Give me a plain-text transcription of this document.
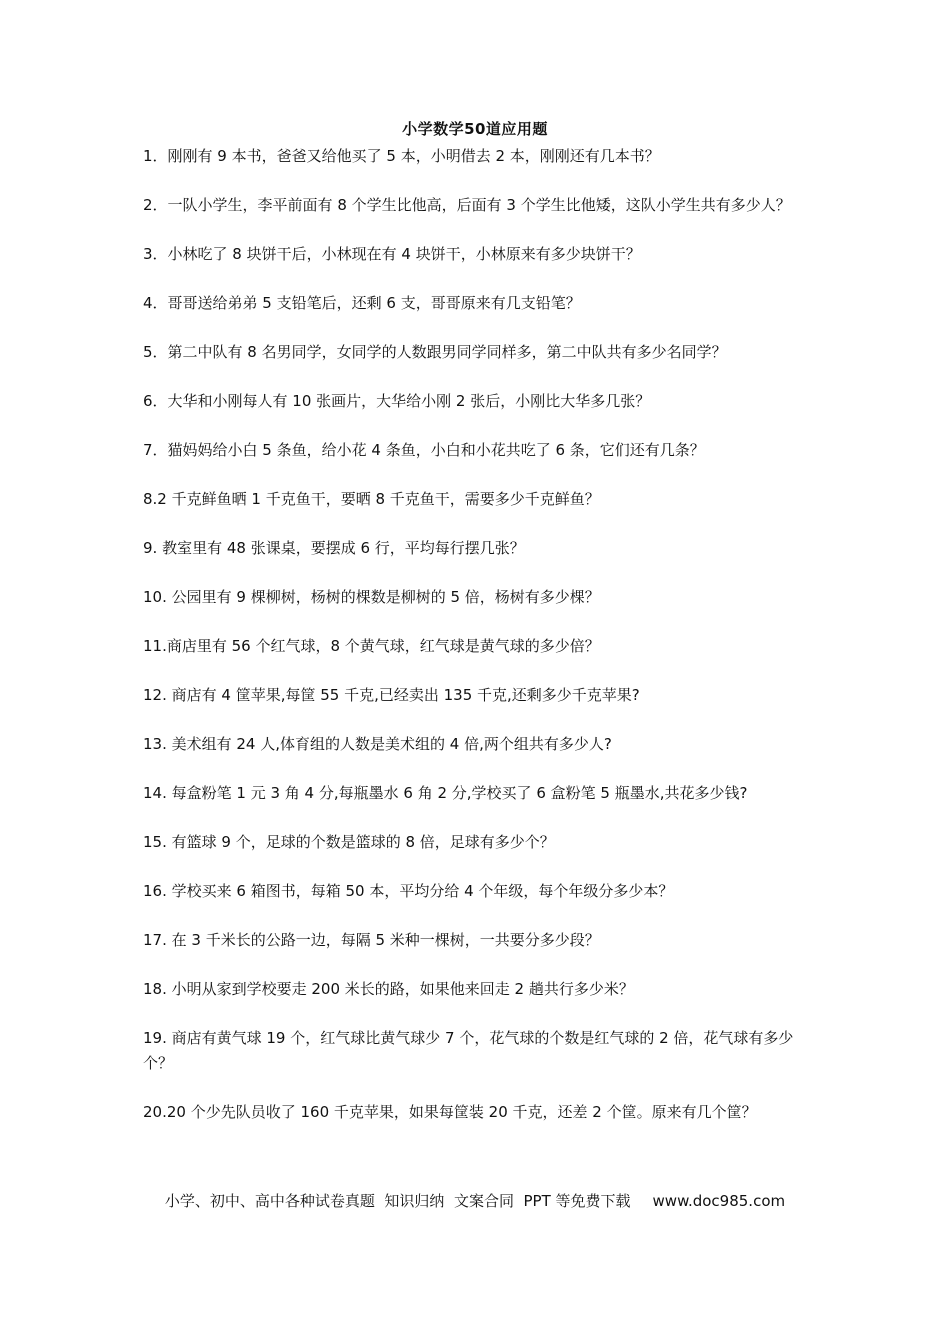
小学数学50道应用题
1．刚刚有 9 本书，爸爸又给他买了 5 本，小明借去 2 本，刚刚还有几本书？
2．一队小学生，李平前面有 8 个学生比他高，后面有 3 个学生比他矮，这队小学生共有多少人？
3．小林吃了 8 块饼干后，小林现在有 4 块饼干，小林原来有多少块饼干？
4．哥哥送给弟弟 5 支铅笔后，还剩 6 支，哥哥原来有几支铅笔？
5．第二中队有 8 名男同学，女同学的人数跟男同学同样多，第二中队共有多少名同学？
6．大华和小刚每人有 10 张画片，大华给小刚 2 张后，小刚比大华多几张？
7．猫妈妈给小白 5 条鱼，给小花 4 条鱼，小白和小花共吃了 6 条，它们还有几条？
8.2 千克鲜鱼晒 1 千克鱼干，要晒 8 千克鱼干，需要多少千克鲜鱼？
9. 教室里有 48 张课桌，要摆成 6 行，平均每行摆几张？
10. 公园里有 9 棵柳树，杨树的棵数是柳树的 5 倍，杨树有多少棵？
11.商店里有 56 个红气球，8 个黄气球，红气球是黄气球的多少倍？
12. 商店有 4 筐苹果,每筐 55 千克,已经卖出 135 千克,还剩多少千克苹果?
13. 美术组有 24 人,体育组的人数是美术组的 4 倍,两个组共有多少人?
14. 每盒粉笔 1 元 3 角 4 分,每瓶墨水 6 角 2 分,学校买了 6 盒粉笔 5 瓶墨水,共花多少钱?
15. 有篮球 9 个，足球的个数是篮球的 8 倍，足球有多少个？
16. 学校买来 6 箱图书，每箱 50 本，平均分给 4 个年级，每个年级分多少本？
17. 在 3 千米长的公路一边，每隔 5 米种一棵树，一共要分多少段？
18. 小明从家到学校要走 200 米长的路，如果他来回走 2 趟共行多少米？
19. 商店有黄气球 19 个，红气球比黄气球少 7 个，花气球的个数是红气球的 2 倍，花气球有多少个？
20.20 个少先队员收了 160 千克苹果，如果每筐装 20 千克，还差 2 个筐。原来有几个筐？
小学、初中、高中各种试卷真题  知识归纳  文案合同  PPT 等免费下载 www.doc985.com
